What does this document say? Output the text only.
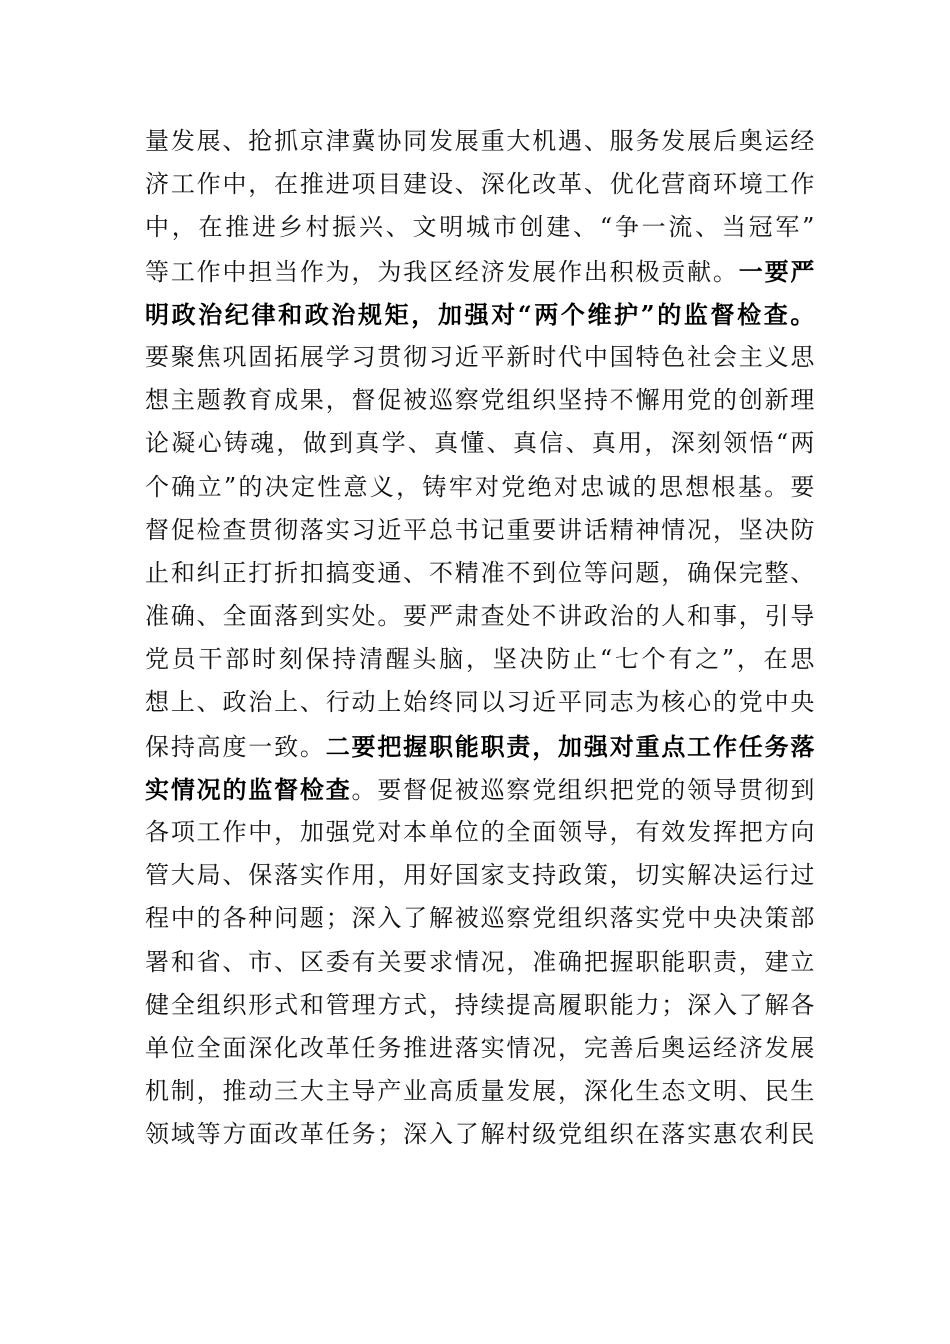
量发展、抢抓京津冀协同发展重大机遇、服务发展后奥运经
济工作中，在推进项目建设、深化改革、优化营商环境工作
中，在推进乡村振兴、文明城市创建、“争一流、当冠军”
等工作中担当作为，为我区经济发展作出积极贡献。一要严
明政治纪律和政治规矩，加强对“两个维护”的监督检查。
要聚焦巩固拓展学习贯彻习近平新时代中国特色社会主义思
想主题教育成果，督促被巡察党组织坚持不懈用党的创新理
论凝心铸魂，做到真学、真懂、真信、真用，深刻领悟“两
个确立”的决定性意义，铸牢对党绝对忠诚的思想根基。要
督促检查贯彻落实习近平总书记重要讲话精神情况，坚决防
止和纠正打折扣搞变通、不精准不到位等问题，确保完整、
准确、全面落到实处。要严肃查处不讲政治的人和事，引导
党员干部时刻保持清醒头脑，坚决防止“七个有之”，在思
想上、政治上、行动上始终同以习近平同志为核心的党中央
保持高度一致。二要把握职能职责，加强对重点工作任务落
实情况的监督检查。要督促被巡察党组织把党的领导贯彻到
各项工作中，加强党对本单位的全面领导，有效发挥把方向
管大局、保落实作用，用好国家支持政策，切实解决运行过
程中的各种问题；深入了解被巡察党组织落实党中央决策部
署和省、市、区委有关要求情况，准确把握职能职责，建立
健全组织形式和管理方式，持续提高履职能力；深入了解各
单位全面深化改革任务推进落实情况，完善后奥运经济发展
机制，推动三大主导产业高质量发展，深化生态文明、民生
领域等方面改革任务；深入了解村级党组织在落实惠农利民
